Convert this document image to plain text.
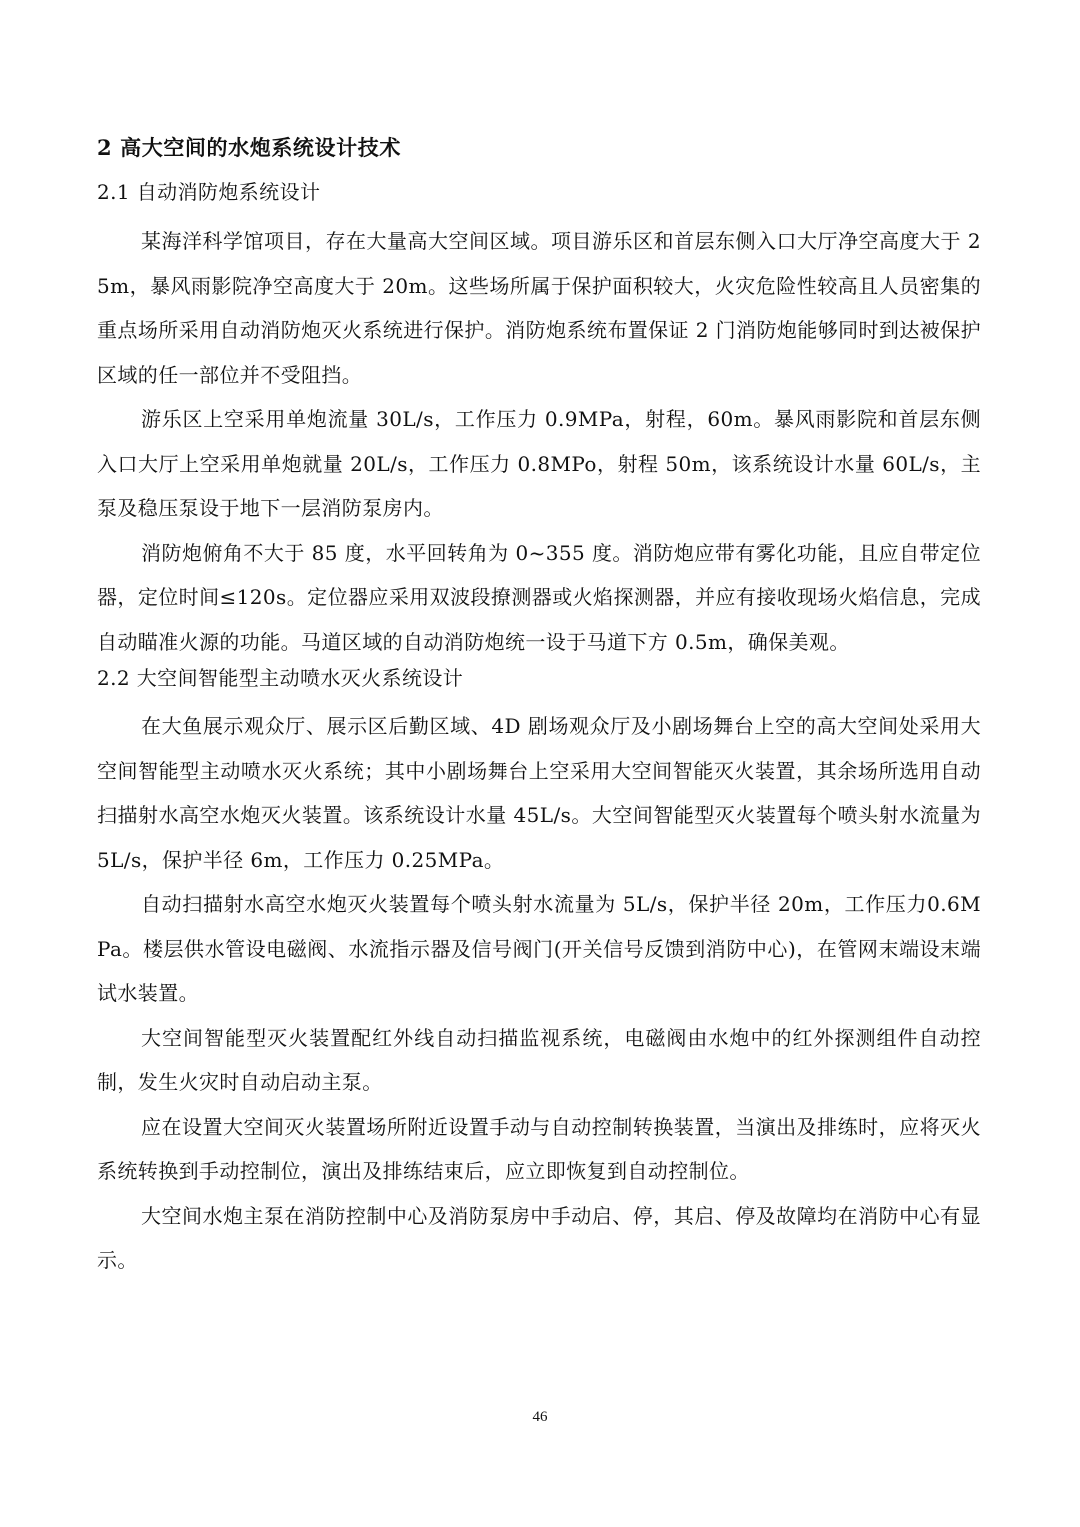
2 高大空间的水炮系统设计技术
2.1 自动消防炮系统设计

某海洋科学馆项目，存在大量高大空间区域。项目游乐区和首层东侧入口大厅净空高度大于 25m，暴风雨影院净空高度大于 20m。这些场所属于保护面积较大，火灾危险性较高且人员密集的重点场所采用自动消防炮灭火系统进行保护。消防炮系统布置保证 2 门消防炮能够同时到达被保护区域的任一部位并不受阻挡。

游乐区上空采用单炮流量 30L/s，工作压力 0.9MPa，射程，60m。暴风雨影院和首层东侧入口大厅上空采用单炮就量 20L/s，工作压力 0.8MPo，射程 50m，该系统设计水量 60L/s，主泵及稳压泵设于地下一层消防泵房内。

消防炮俯角不大于 85 度，水平回转角为 0~355 度。消防炮应带有雾化功能，且应自带定位器，定位时间≤120s。定位器应采用双波段撩测器或火焰探测器，并应有接收现场火焰信息，完成自动瞄准火源的功能。马道区域的自动消防炮统一设于马道下方 0.5m，确保美观。

2.2 大空间智能型主动喷水灭火系统设计

在大鱼展示观众厅、展示区后勤区域、4D 剧场观众厅及小剧场舞台上空的高大空间处采用大空间智能型主动喷水灭火系统；其中小剧场舞台上空采用大空间智能灭火装置，其余场所选用自动扫描射水高空水炮灭火装置。该系统设计水量 45L/s。大空间智能型灭火装置每个喷头射水流量为 5L/s，保护半径 6m，工作压力 0.25MPa。

自动扫描射水高空水炮灭火装置每个喷头射水流量为 5L/s，保护半径 20m，工作压力0.6MPa。楼层供水管设电磁阀、水流指示器及信号阀门(开关信号反馈到消防中心)，在管网末端设末端试水装置。

大空间智能型灭火装置配红外线自动扫描监视系统，电磁阀由水炮中的红外探测组件自动控制，发生火灾时自动启动主泵。

应在设置大空间灭火装置场所附近设置手动与自动控制转换装置，当演出及排练时，应将灭火系统转换到手动控制位，演出及排练结束后，应立即恢复到自动控制位。

大空间水炮主泵在消防控制中心及消防泵房中手动启、停，其启、停及故障均在消防中心有显示。

46
